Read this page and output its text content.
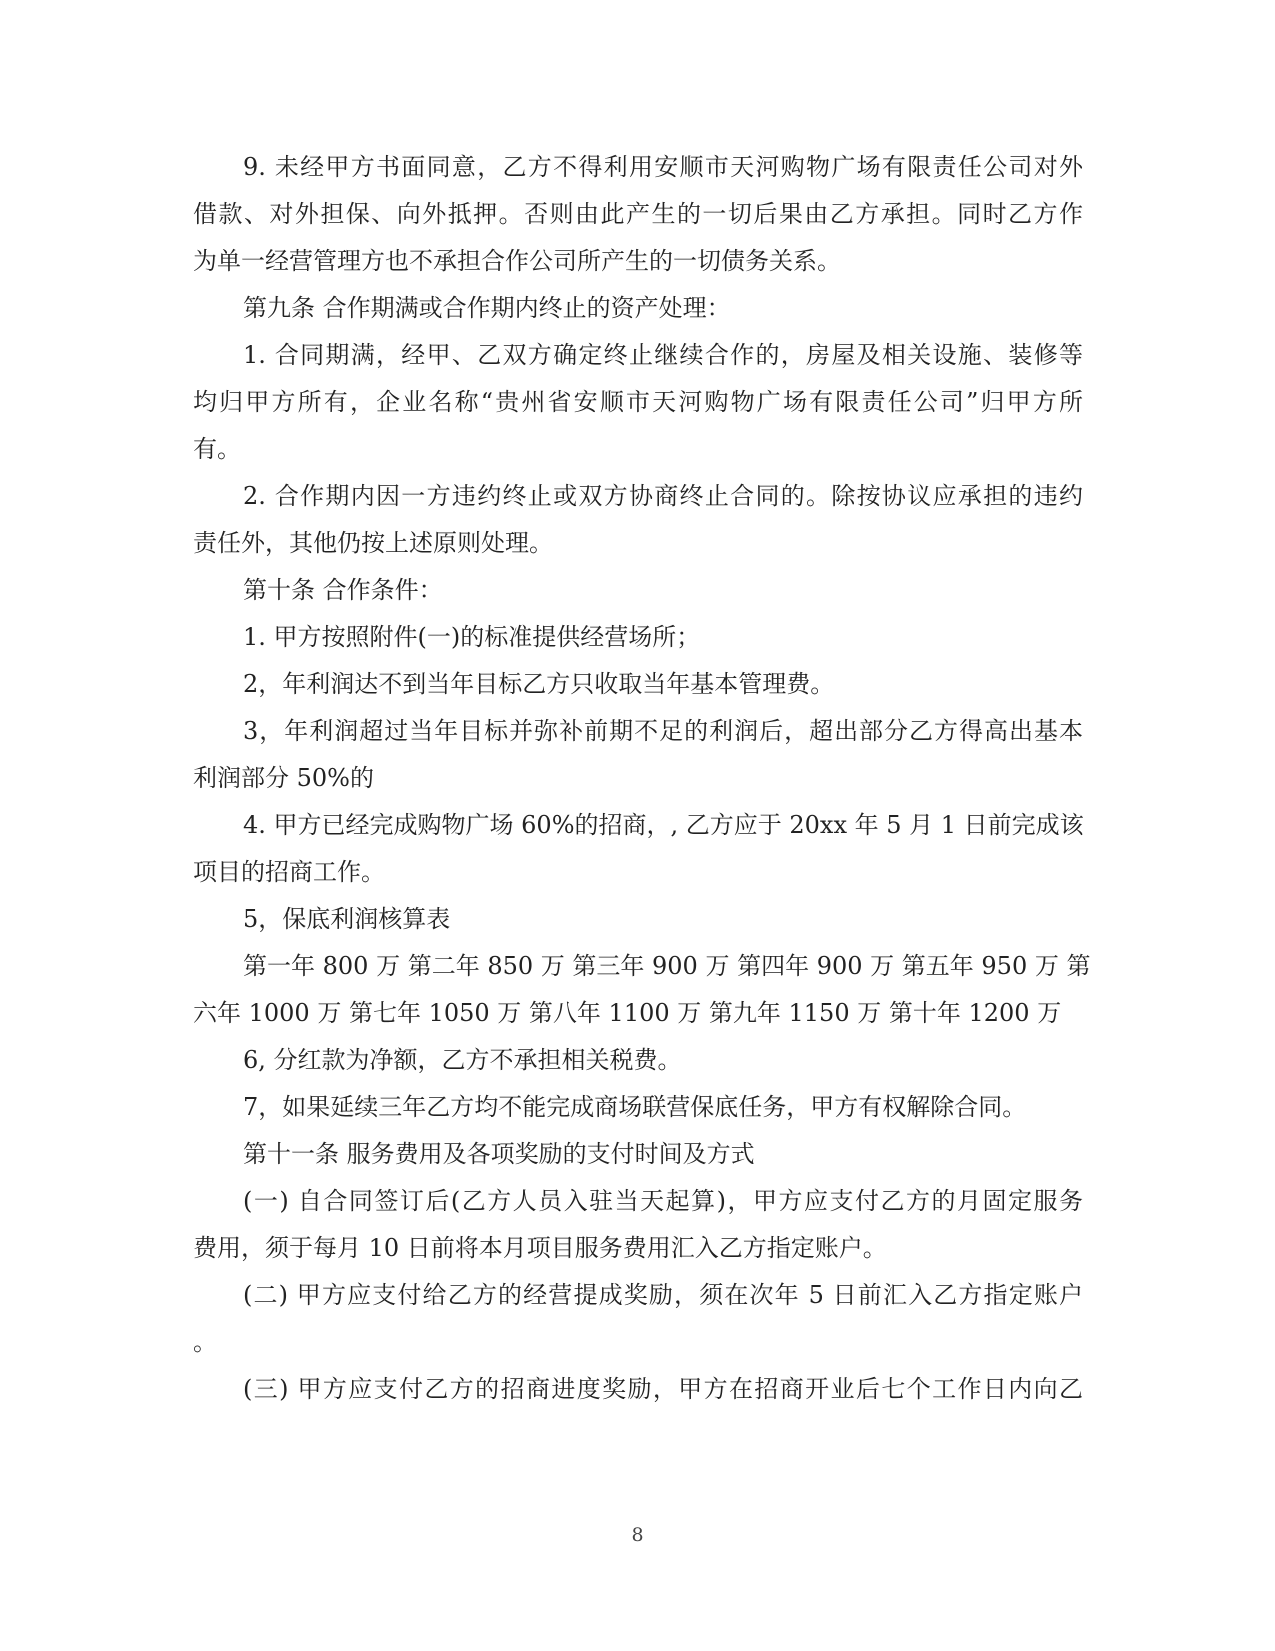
9. 未经甲方书面同意，乙方不得利用安顺市天河购物广场有限责任公司对外
借款、对外担保、向外抵押。否则由此产生的一切后果由乙方承担。同时乙方作
为单一经营管理方也不承担合作公司所产生的一切债务关系。
第九条 合作期满或合作期内终止的资产处理：
1. 合同期满，经甲、乙双方确定终止继续合作的，房屋及相关设施、装修等
均归甲方所有，企业名称“贵州省安顺市天河购物广场有限责任公司”归甲方所
有。
2. 合作期内因一方违约终止或双方协商终止合同的。除按协议应承担的违约
责任外，其他仍按上述原则处理。
第十条 合作条件：
1. 甲方按照附件(一)的标准提供经营场所；
2，年利润达不到当年目标乙方只收取当年基本管理费。
3，年利润超过当年目标并弥补前期不足的利润后，超出部分乙方得高出基本
利润部分 50%的
4. 甲方已经完成购物广场 60%的招商，, 乙方应于 20xx 年 5 月 1 日前完成该
项目的招商工作。
5，保底利润核算表
第一年 800 万 第二年 850 万 第三年 900 万 第四年 900 万 第五年 950 万 第
六年 1000 万 第七年 1050 万 第八年 1100 万 第九年 1150 万 第十年 1200 万
6, 分红款为净额，乙方不承担相关税费。
7，如果延续三年乙方均不能完成商场联营保底任务，甲方有权解除合同。
第十一条 服务费用及各项奖励的支付时间及方式
(一) 自合同签订后(乙方人员入驻当天起算)，甲方应支付乙方的月固定服务
费用，须于每月 10 日前将本月项目服务费用汇入乙方指定账户。
(二) 甲方应支付给乙方的经营提成奖励，须在次年 5 日前汇入乙方指定账户
。
(三) 甲方应支付乙方的招商进度奖励，甲方在招商开业后七个工作日内向乙
8
